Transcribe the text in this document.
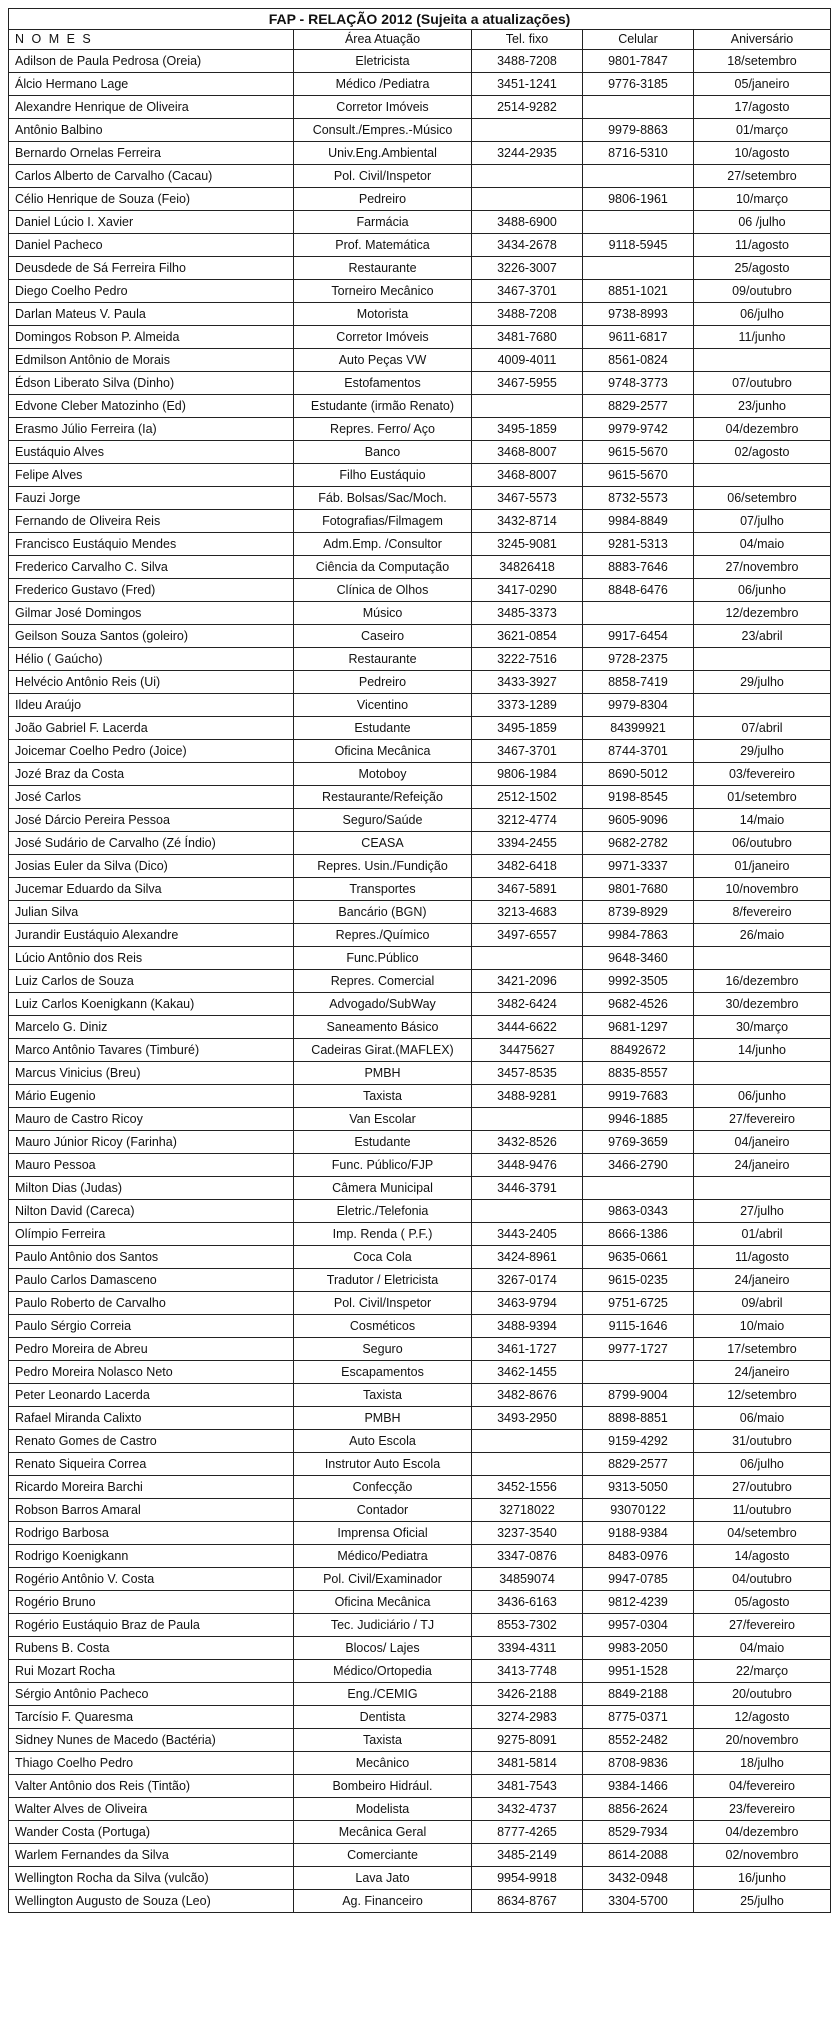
FAP - RELAÇÃO 2012 (Sujeita a atualizações)
N O M E S	Área Atuação	Tel. fixo	Celular	Aniversário
Adilson de Paula Pedrosa (Oreia)	Eletricista	3488-7208	9801-7847	18/setembro
Álcio Hermano Lage	Médico /Pediatra	3451-1241	9776-3185	05/janeiro
Alexandre Henrique de Oliveira	Corretor Imóveis	2514-9282		17/agosto
Antônio Balbino	Consult./Empres.-Músico		9979-8863	01/março
Bernardo Ornelas Ferreira	Univ.Eng.Ambiental	3244-2935	8716-5310	10/agosto
Carlos Alberto de Carvalho (Cacau)	Pol. Civil/Inspetor			27/setembro
Célio Henrique de Souza (Feio)	Pedreiro		9806-1961	10/março
Daniel Lúcio I. Xavier	Farmácia	3488-6900		06 /julho
Daniel Pacheco	Prof. Matemática	3434-2678	9118-5945	11/agosto
Deusdede de Sá Ferreira Filho	Restaurante	3226-3007		25/agosto
Diego Coelho Pedro	Torneiro Mecânico	3467-3701	8851-1021	09/outubro
Darlan Mateus V. Paula	Motorista	3488-7208	9738-8993	06/julho
Domingos Robson P. Almeida	Corretor Imóveis	3481-7680	9611-6817	11/junho
Edmilson Antônio de Morais	Auto Peças VW	4009-4011	8561-0824	
Édson Liberato Silva (Dinho)	Estofamentos	3467-5955	9748-3773	07/outubro
Edvone Cleber Matozinho (Ed)	Estudante (irmão Renato)		8829-2577	23/junho
Erasmo Júlio Ferreira (Ia)	Repres. Ferro/ Aço	3495-1859	9979-9742	04/dezembro
Eustáquio Alves	Banco	3468-8007	9615-5670	02/agosto
Felipe Alves	Filho Eustáquio	3468-8007	9615-5670	
Fauzi Jorge	Fáb. Bolsas/Sac/Moch.	3467-5573	8732-5573	06/setembro
Fernando de Oliveira Reis	Fotografias/Filmagem	3432-8714	9984-8849	07/julho
Francisco Eustáquio Mendes	Adm.Emp. /Consultor	3245-9081	9281-5313	04/maio
Frederico Carvalho C. Silva	Ciência da Computação	34826418	8883-7646	27/novembro
Frederico Gustavo (Fred)	Clínica de Olhos	3417-0290	8848-6476	06/junho
Gilmar José Domingos	Músico	3485-3373		12/dezembro
Geilson Souza Santos (goleiro)	Caseiro	3621-0854	9917-6454	23/abril
Hélio ( Gaúcho)	Restaurante	3222-7516	9728-2375	
Helvécio Antônio Reis (Ui)	Pedreiro	3433-3927	8858-7419	29/julho
Ildeu Araújo	Vicentino	3373-1289	9979-8304	
João Gabriel F. Lacerda	Estudante	3495-1859	84399921	07/abril
Joicemar Coelho Pedro (Joice)	Oficina Mecânica	3467-3701	8744-3701	29/julho
Jozé Braz da Costa	Motoboy	9806-1984	8690-5012	03/fevereiro
José Carlos	Restaurante/Refeição	2512-1502	9198-8545	01/setembro
José Dárcio Pereira Pessoa	Seguro/Saúde	3212-4774	9605-9096	14/maio
José Sudário de Carvalho (Zé Índio)	CEASA	3394-2455	9682-2782	06/outubro
Josias Euler da Silva (Dico)	Repres. Usin./Fundição	3482-6418	9971-3337	01/janeiro
Jucemar Eduardo da Silva	Transportes	3467-5891	9801-7680	10/novembro
Julian Silva	Bancário (BGN)	3213-4683	8739-8929	8/fevereiro
Jurandir Eustáquio Alexandre	Repres./Químico	3497-6557	9984-7863	26/maio
Lúcio Antônio dos Reis	Func.Público		9648-3460	
Luiz Carlos de Souza	Repres. Comercial	3421-2096	9992-3505	16/dezembro
Luiz Carlos Koenigkann (Kakau)	Advogado/SubWay	3482-6424	9682-4526	30/dezembro
Marcelo G. Diniz	Saneamento Básico	3444-6622	9681-1297	30/março
Marco Antônio Tavares (Timburé)	Cadeiras Girat.(MAFLEX)	34475627	88492672	14/junho
Marcus Vinicius (Breu)	PMBH	3457-8535	8835-8557	
Mário Eugenio	Taxista	3488-9281	9919-7683	06/junho
Mauro de Castro Ricoy	Van Escolar		9946-1885	27/fevereiro
Mauro Júnior Ricoy (Farinha)	Estudante	3432-8526	9769-3659	04/janeiro
Mauro Pessoa	Func. Público/FJP	3448-9476	3466-2790	24/janeiro
Milton Dias (Judas)	Câmera Municipal	3446-3791		
Nilton David (Careca)	Eletric./Telefonia		9863-0343	27/julho
Olímpio Ferreira	Imp. Renda ( P.F.)	3443-2405	8666-1386	01/abril
Paulo Antônio dos Santos	Coca Cola	3424-8961	9635-0661	11/agosto
Paulo Carlos Damasceno	Tradutor / Eletricista	3267-0174	9615-0235	24/janeiro
Paulo Roberto de Carvalho	Pol. Civil/Inspetor	3463-9794	9751-6725	09/abril
Paulo Sérgio Correia	Cosméticos	3488-9394	9115-1646	10/maio
Pedro Moreira de Abreu	Seguro	3461-1727	9977-1727	17/setembro
Pedro Moreira Nolasco Neto	Escapamentos	3462-1455		24/janeiro
Peter Leonardo Lacerda	Taxista	3482-8676	8799-9004	12/setembro
Rafael Miranda Calixto	PMBH	3493-2950	8898-8851	06/maio
Renato Gomes de Castro	Auto Escola		9159-4292	31/outubro
Renato Siqueira Correa	Instrutor Auto Escola		8829-2577	06/julho
Ricardo Moreira Barchi	Confecção	3452-1556	9313-5050	27/outubro
Robson Barros Amaral	Contador	32718022	93070122	11/outubro
Rodrigo Barbosa	Imprensa Oficial	3237-3540	9188-9384	04/setembro
Rodrigo Koenigkann	Médico/Pediatra	3347-0876	8483-0976	14/agosto
Rogério Antônio V. Costa	Pol. Civil/Examinador	34859074	9947-0785	04/outubro
Rogério Bruno	Oficina Mecânica	3436-6163	9812-4239	05/agosto
Rogério Eustáquio Braz de Paula	Tec. Judiciário / TJ	8553-7302	9957-0304	27/fevereiro
Rubens B. Costa	Blocos/ Lajes	3394-4311	9983-2050	04/maio
Rui Mozart Rocha	Médico/Ortopedia	3413-7748	9951-1528	22/março
Sérgio Antônio Pacheco	Eng./CEMIG	3426-2188	8849-2188	20/outubro
Tarcísio F. Quaresma	Dentista	3274-2983	8775-0371	12/agosto
Sidney Nunes de Macedo (Bactéria)	Taxista	9275-8091	8552-2482	20/novembro
Thiago Coelho Pedro	Mecânico	3481-5814	8708-9836	18/julho
Valter Antônio dos Reis (Tintão)	Bombeiro Hidrául.	3481-7543	9384-1466	04/fevereiro
Walter Alves de Oliveira	Modelista	3432-4737	8856-2624	23/fevereiro
Wander Costa (Portuga)	Mecânica Geral	8777-4265	8529-7934	04/dezembro
Warlem Fernandes da Silva	Comerciante	3485-2149	8614-2088	02/novembro
Wellington Rocha da Silva (vulcão)	Lava Jato	9954-9918	3432-0948	16/junho
Wellington Augusto de Souza (Leo)	Ag. Financeiro	8634-8767	3304-5700	25/julho
